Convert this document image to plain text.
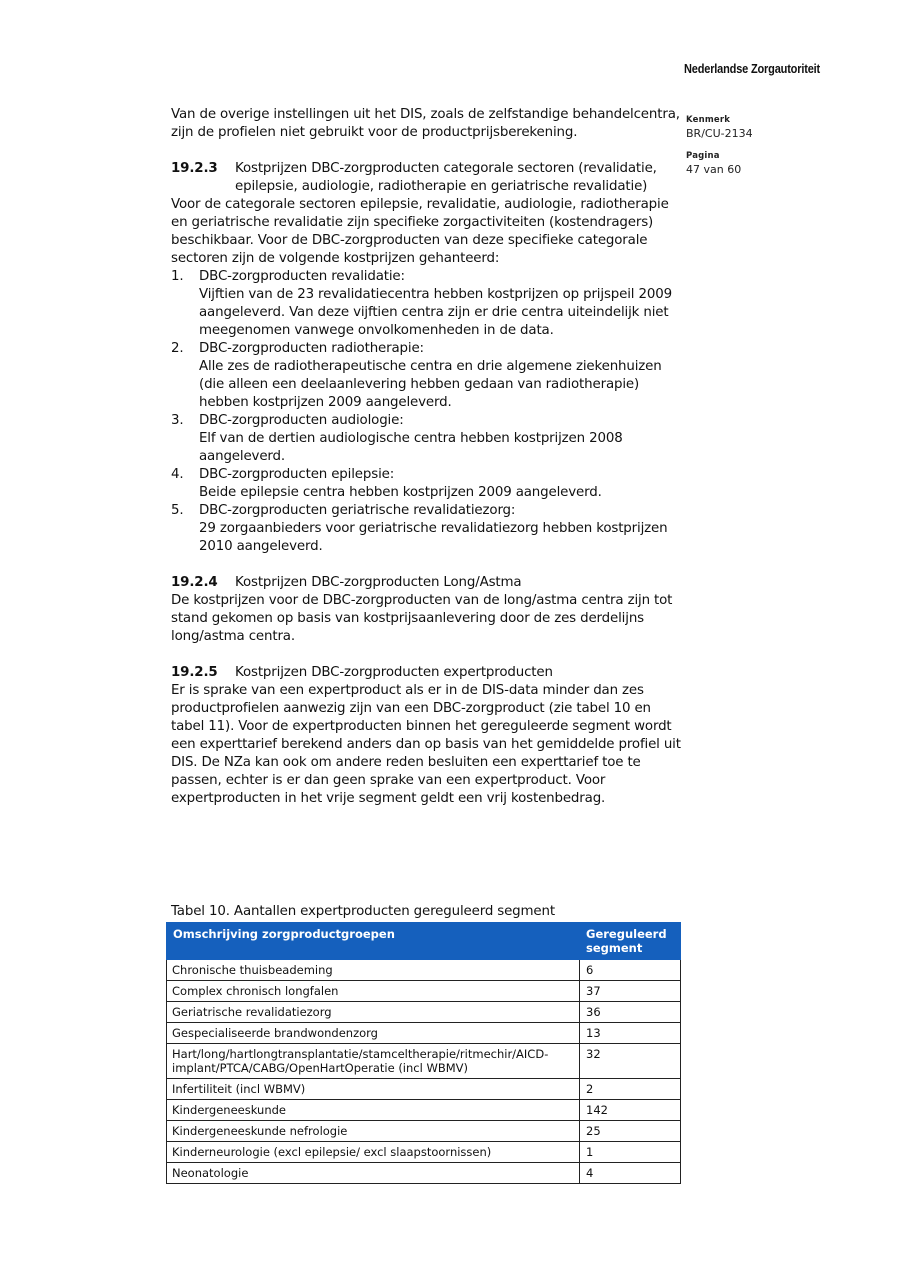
Nederlandse Zorgautoriteit
Kenmerk
BR/CU-2134
Pagina
47 van 60

Van de overige instellingen uit het DIS, zoals de zelfstandige behandelcentra, zijn de profielen niet gebruikt voor de productprijsberekening.

19.2.3	Kostprijzen DBC-zorgproducten categorale sectoren (revalidatie, epilepsie, audiologie, radiotherapie en geriatrische revalidatie)

Voor de categorale sectoren epilepsie, revalidatie, audiologie, radiotherapie en geriatrische revalidatie zijn specifieke zorgactiviteiten (kostendragers) beschikbaar. Voor de DBC-zorgproducten van deze specifieke categorale sectoren zijn de volgende kostprijzen gehanteerd:

1.	DBC-zorgproducten revalidatie:
Vijftien van de 23 revalidatiecentra hebben kostprijzen op prijspeil 2009 aangeleverd. Van deze vijftien centra zijn er drie centra uiteindelijk niet meegenomen vanwege onvolkomenheden in de data.
2.	DBC-zorgproducten radiotherapie:
Alle zes de radiotherapeutische centra en drie algemene ziekenhuizen (die alleen een deelaanlevering hebben gedaan van radiotherapie) hebben kostprijzen 2009 aangeleverd.
3.	DBC-zorgproducten audiologie:
Elf van de dertien audiologische centra hebben kostprijzen 2008 aangeleverd.
4.	DBC-zorgproducten epilepsie:
Beide epilepsie centra hebben kostprijzen 2009 aangeleverd.
5.	DBC-zorgproducten geriatrische revalidatiezorg:
29 zorgaanbieders voor geriatrische revalidatiezorg hebben kostprijzen 2010 aangeleverd.
19.2.4	Kostprijzen DBC-zorgproducten Long/Astma

De kostprijzen voor de DBC-zorgproducten van de long/astma centra zijn tot stand gekomen op basis van kostprijsaanlevering door de zes derdelijns long/astma centra.

19.2.5	Kostprijzen DBC-zorgproducten expertproducten

Er is sprake van een expertproduct als er in de DIS-data minder dan zes productprofielen aanwezig zijn van een DBC-zorgproduct (zie tabel 10 en tabel 11). Voor de expertproducten binnen het gereguleerde segment wordt een experttarief berekend anders dan op basis van het gemiddelde profiel uit DIS. De NZa kan ook om andere reden besluiten een experttarief toe te passen, echter is er dan geen sprake van een expertproduct. Voor expertproducten in het vrije segment geldt een vrij kostenbedrag.

Tabel 10. Aantallen expertproducten gereguleerd segment
Omschrijving zorgproductgroepen	Gereguleerd segment
Chronische thuisbeademing	6
Complex chronisch longfalen	37
Geriatrische revalidatiezorg	36
Gespecialiseerde brandwondenzorg	13
Hart/long/hartlongtransplantatie/stamceltherapie/ritmechir/AICD-implant/PTCA/CABG/OpenHartOperatie (incl WBMV)	32
Infertiliteit (incl WBMV)	2
Kindergeneeskunde	142
Kindergeneeskunde nefrologie	25
Kinderneurologie (excl epilepsie/ excl slaapstoornissen)	1
Neonatologie	4
